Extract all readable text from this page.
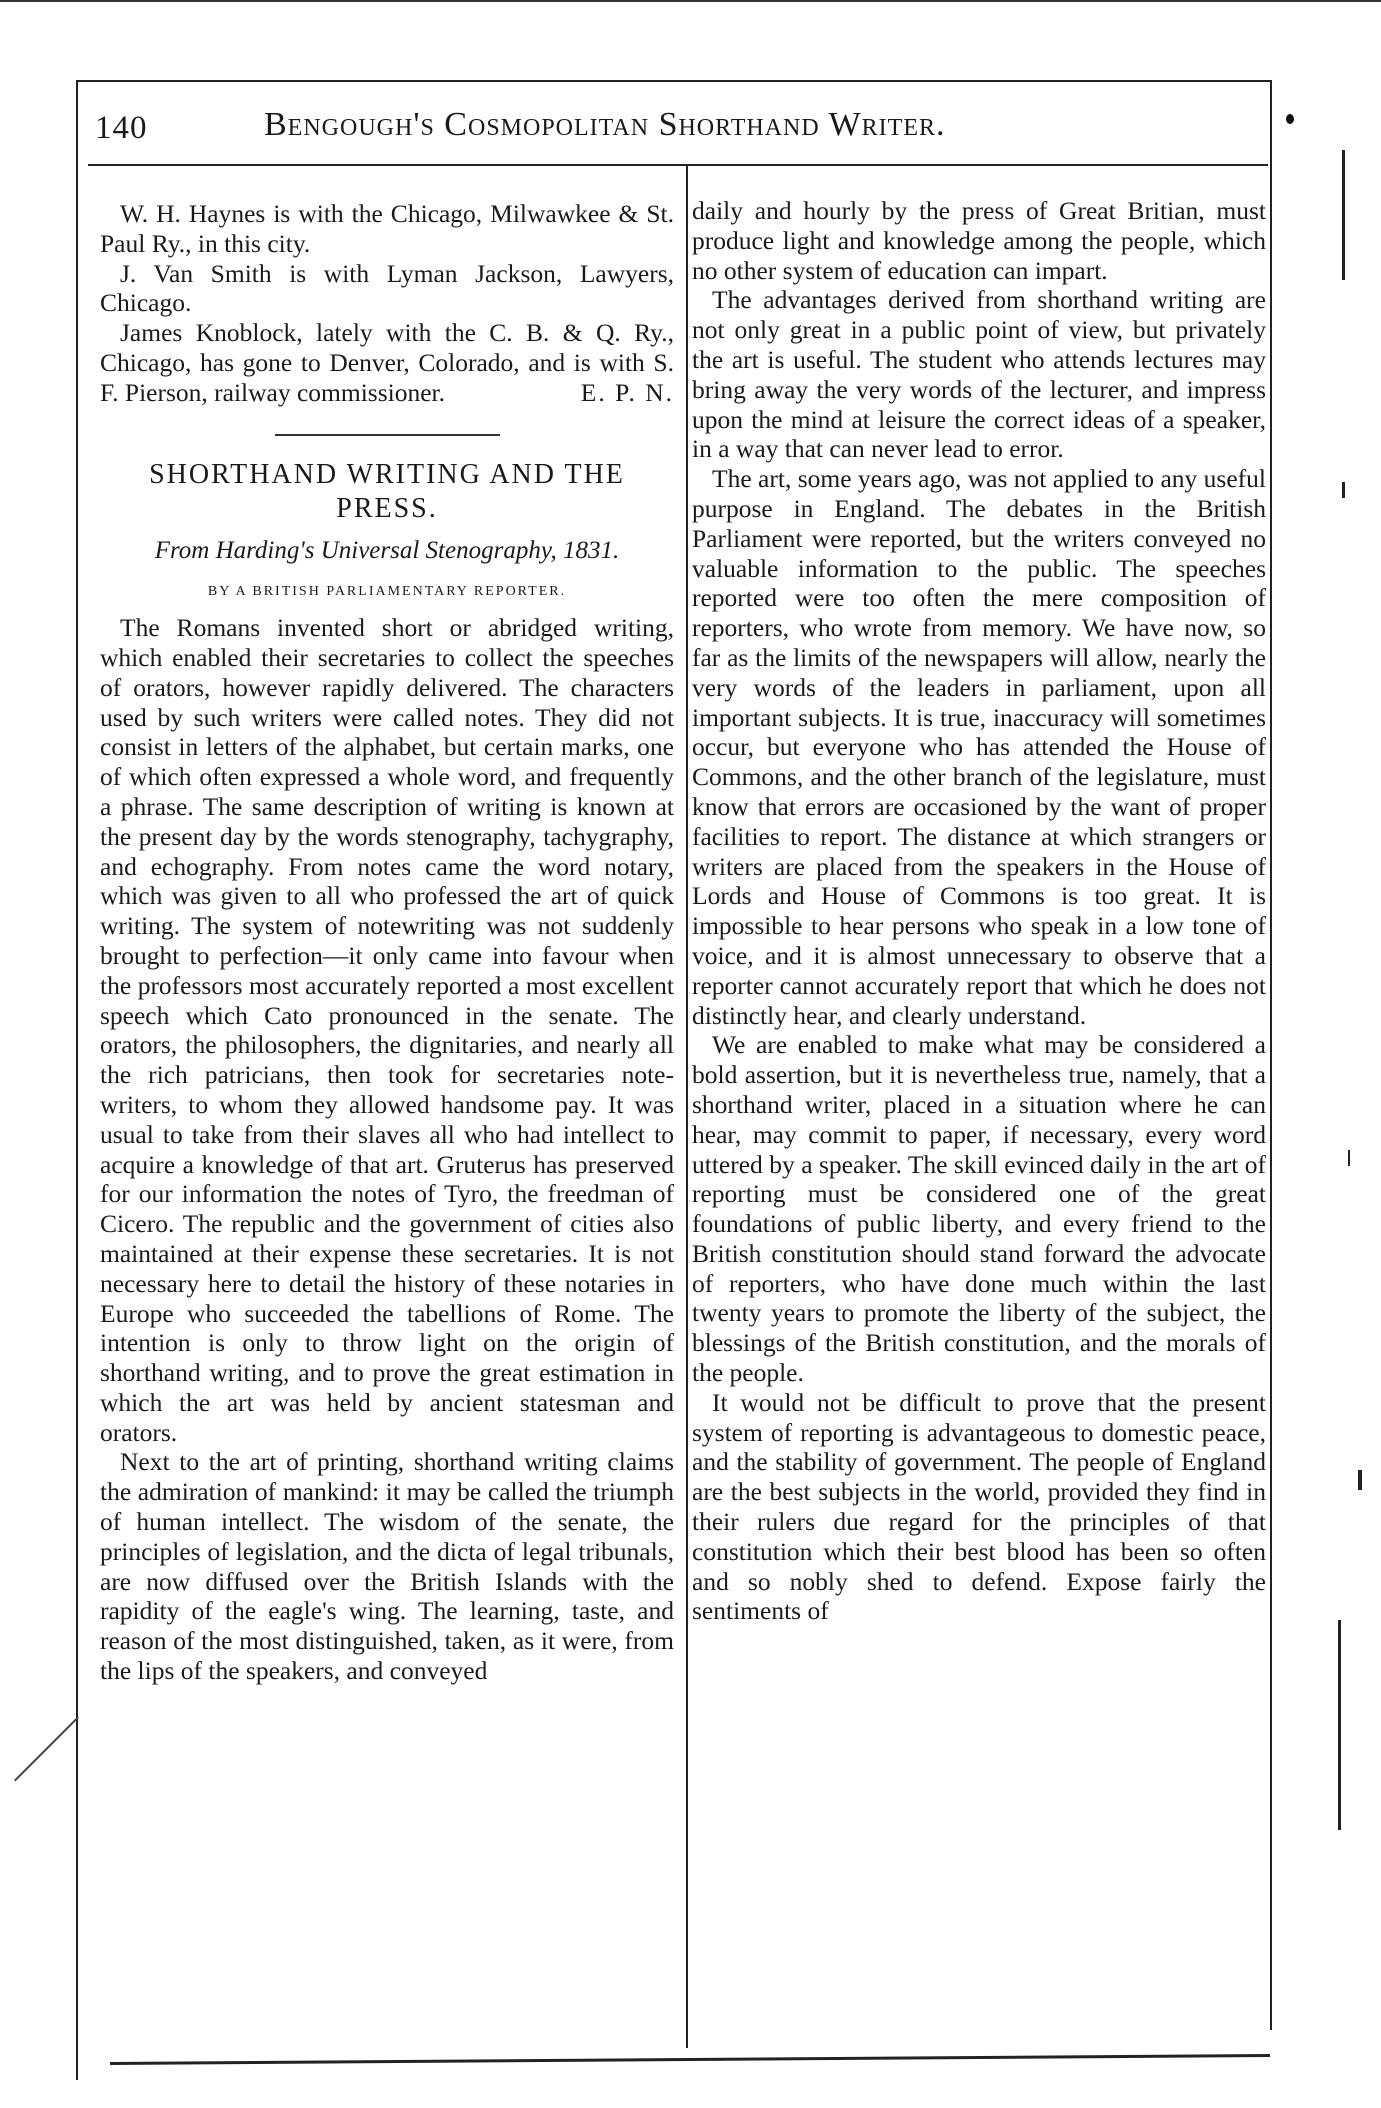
140	Bengough's Cosmopolitan Shorthand Writer.

W. H. Haynes is with the Chicago, Milwawkee & St. Paul Ry., in this city.

J. Van Smith is with Lyman Jackson, Lawyers, Chicago.

James Knoblock, lately with the C. B. & Q. Ry., Chicago, has gone to Denver, Colorado, and is with S. F. Pierson, railway commissioner.	E. P. N.

SHORTHAND WRITING AND THE PRESS.
From Harding's Universal Stenography, 1831.
BY A BRITISH PARLIAMENTARY REPORTER.

The Romans invented short or abridged writing, which enabled their secretaries to collect the speeches of orators, however rapidly delivered. The characters used by such writers were called notes. They did not consist in letters of the alphabet, but certain marks, one of which often expressed a whole word, and frequently a phrase. The same description of writing is known at the present day by the words stenography, tachygraphy, and echography. From notes came the word notary, which was given to all who professed the art of quick writing. The system of notewriting was not suddenly brought to perfection—it only came into favour when the professors most accurately reported a most excellent speech which Cato pronounced in the senate. The orators, the philosophers, the dignitaries, and nearly all the rich patricians, then took for secretaries note-writers, to whom they allowed handsome pay. It was usual to take from their slaves all who had intellect to acquire a knowledge of that art. Gruterus has preserved for our information the notes of Tyro, the freedman of Cicero. The republic and the government of cities also maintained at their expense these secretaries. It is not necessary here to detail the history of these notaries in Europe who succeeded the tabellions of Rome. The intention is only to throw light on the origin of shorthand writing, and to prove the great estimation in which the art was held by ancient statesman and orators.

Next to the art of printing, shorthand writing claims the admiration of mankind: it may be called the triumph of human intellect. The wisdom of the senate, the principles of legislation, and the dicta of legal tribunals, are now diffused over the British Islands with the rapidity of the eagle's wing. The learning, taste, and reason of the most distinguished, taken, as it were, from the lips of the speakers, and conveyed

daily and hourly by the press of Great Britian, must produce light and knowledge among the people, which no other system of education can impart.

The advantages derived from shorthand writing are not only great in a public point of view, but privately the art is useful. The student who attends lectures may bring away the very words of the lecturer, and impress upon the mind at leisure the correct ideas of a speaker, in a way that can never lead to error.

The art, some years ago, was not applied to any useful purpose in England. The debates in the British Parliament were reported, but the writers conveyed no valuable information to the public. The speeches reported were too often the mere composition of reporters, who wrote from memory. We have now, so far as the limits of the newspapers will allow, nearly the very words of the leaders in parliament, upon all important subjects. It is true, inaccuracy will sometimes occur, but everyone who has attended the House of Commons, and the other branch of the legislature, must know that errors are occasioned by the want of proper facilities to report. The distance at which strangers or writers are placed from the speakers in the House of Lords and House of Commons is too great. It is impossible to hear persons who speak in a low tone of voice, and it is almost unnecessary to observe that a reporter cannot accurately report that which he does not distinctly hear, and clearly understand.

We are enabled to make what may be considered a bold assertion, but it is nevertheless true, namely, that a shorthand writer, placed in a situation where he can hear, may commit to paper, if necessary, every word uttered by a speaker. The skill evinced daily in the art of reporting must be considered one of the great foundations of public liberty, and every friend to the British constitution should stand forward the advocate of reporters, who have done much within the last twenty years to promote the liberty of the subject, the blessings of the British constitution, and the morals of the people.

It would not be difficult to prove that the present system of reporting is advantageous to domestic peace, and the stability of government. The people of England are the best subjects in the world, provided they find in their rulers due regard for the principles of that constitution which their best blood has been so often and so nobly shed to defend. Expose fairly the sentiments of
